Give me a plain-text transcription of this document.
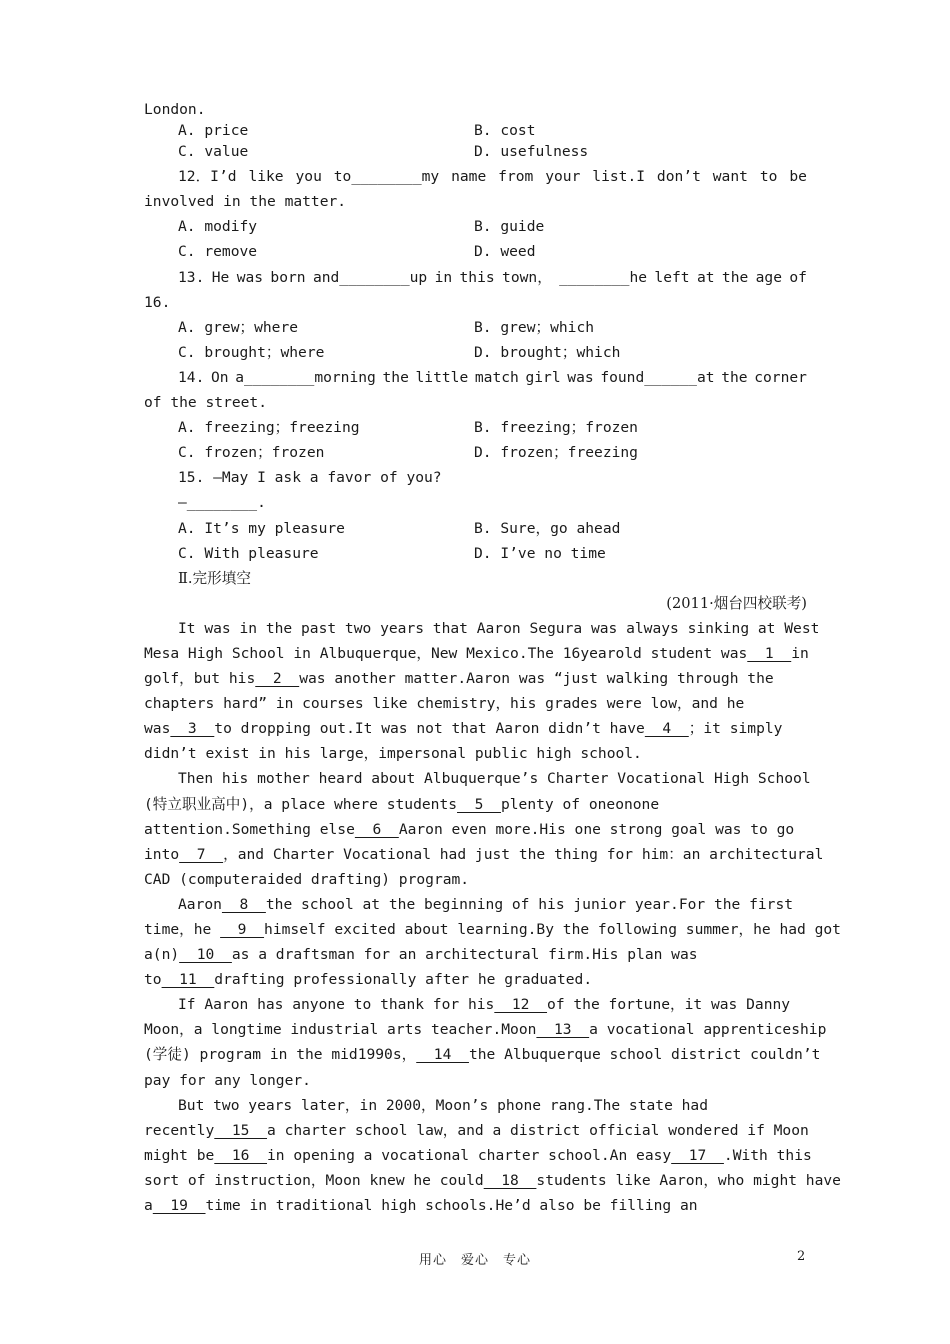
London.
A. price	B. cost
C. value	D. usefulness
12．I’d like you to________my name from your list.I don’t want to be
involved in the matter.
A. modify	B. guide
C. remove	D. weed
13. He was born and________up in this town， ________he left at the age of
16.
A. grew；where	B. grew；which
C. brought；where	D. brought；which
14. On a________morning the little match girl was found______at the corner
of the street.
A. freezing；freezing	B. freezing；frozen
C. frozen；frozen	D. frozen；freezing
15. —May I ask a favor of you?
—________.
A. It’s my pleasure	B. Sure，go ahead
C. With pleasure	D. I’ve no time
Ⅱ.完形填空
(2011·烟台四校联考)
It was in the past two years that Aaron Segura was always sinking at West
Mesa High School in Albuquerque，New Mexico.The 16yearold student was  1  in
golf，but his  2  was another matter.Aaron was “just walking through the
chapters hard” in courses like chemistry，his grades were low，and he
was  3  to dropping out.It was not that Aaron didn’t have  4  ；it simply
didn’t exist in his large，impersonal public high school.
Then his mother heard about Albuquerque’s Charter Vocational High School
(特立职业高中)，a place where students  5  plenty of oneonone
attention.Something else  6  Aaron even more.His one strong goal was to go
into  7  ，and Charter Vocational had just the thing for him：an architectural
CAD (computeraided drafting) program.
Aaron  8  the school at the beginning of his junior year.For the first
time，he   9  himself excited about learning.By the following summer，he had got
a(n)  10  as a draftsman for an architectural firm.His plan was
to  11  drafting professionally after he graduated.
If Aaron has anyone to thank for his  12  of the fortune，it was Danny
Moon，a longtime industrial arts teacher.Moon  13  a vocational apprenticeship
(学徒) program in the mid1990s，  14  the Albuquerque school district couldn’t
pay for any longer.
But two years later，in 2000，Moon’s phone rang.The state had
recently  15  a charter school law，and a district official wondered if Moon
might be  16  in opening a vocational charter school.An easy  17  .With this
sort of instruction，Moon knew he could  18  students like Aaron，who might have
a  19  time in traditional high schools.He’d also be filling an
用心　爱心　专心	2
